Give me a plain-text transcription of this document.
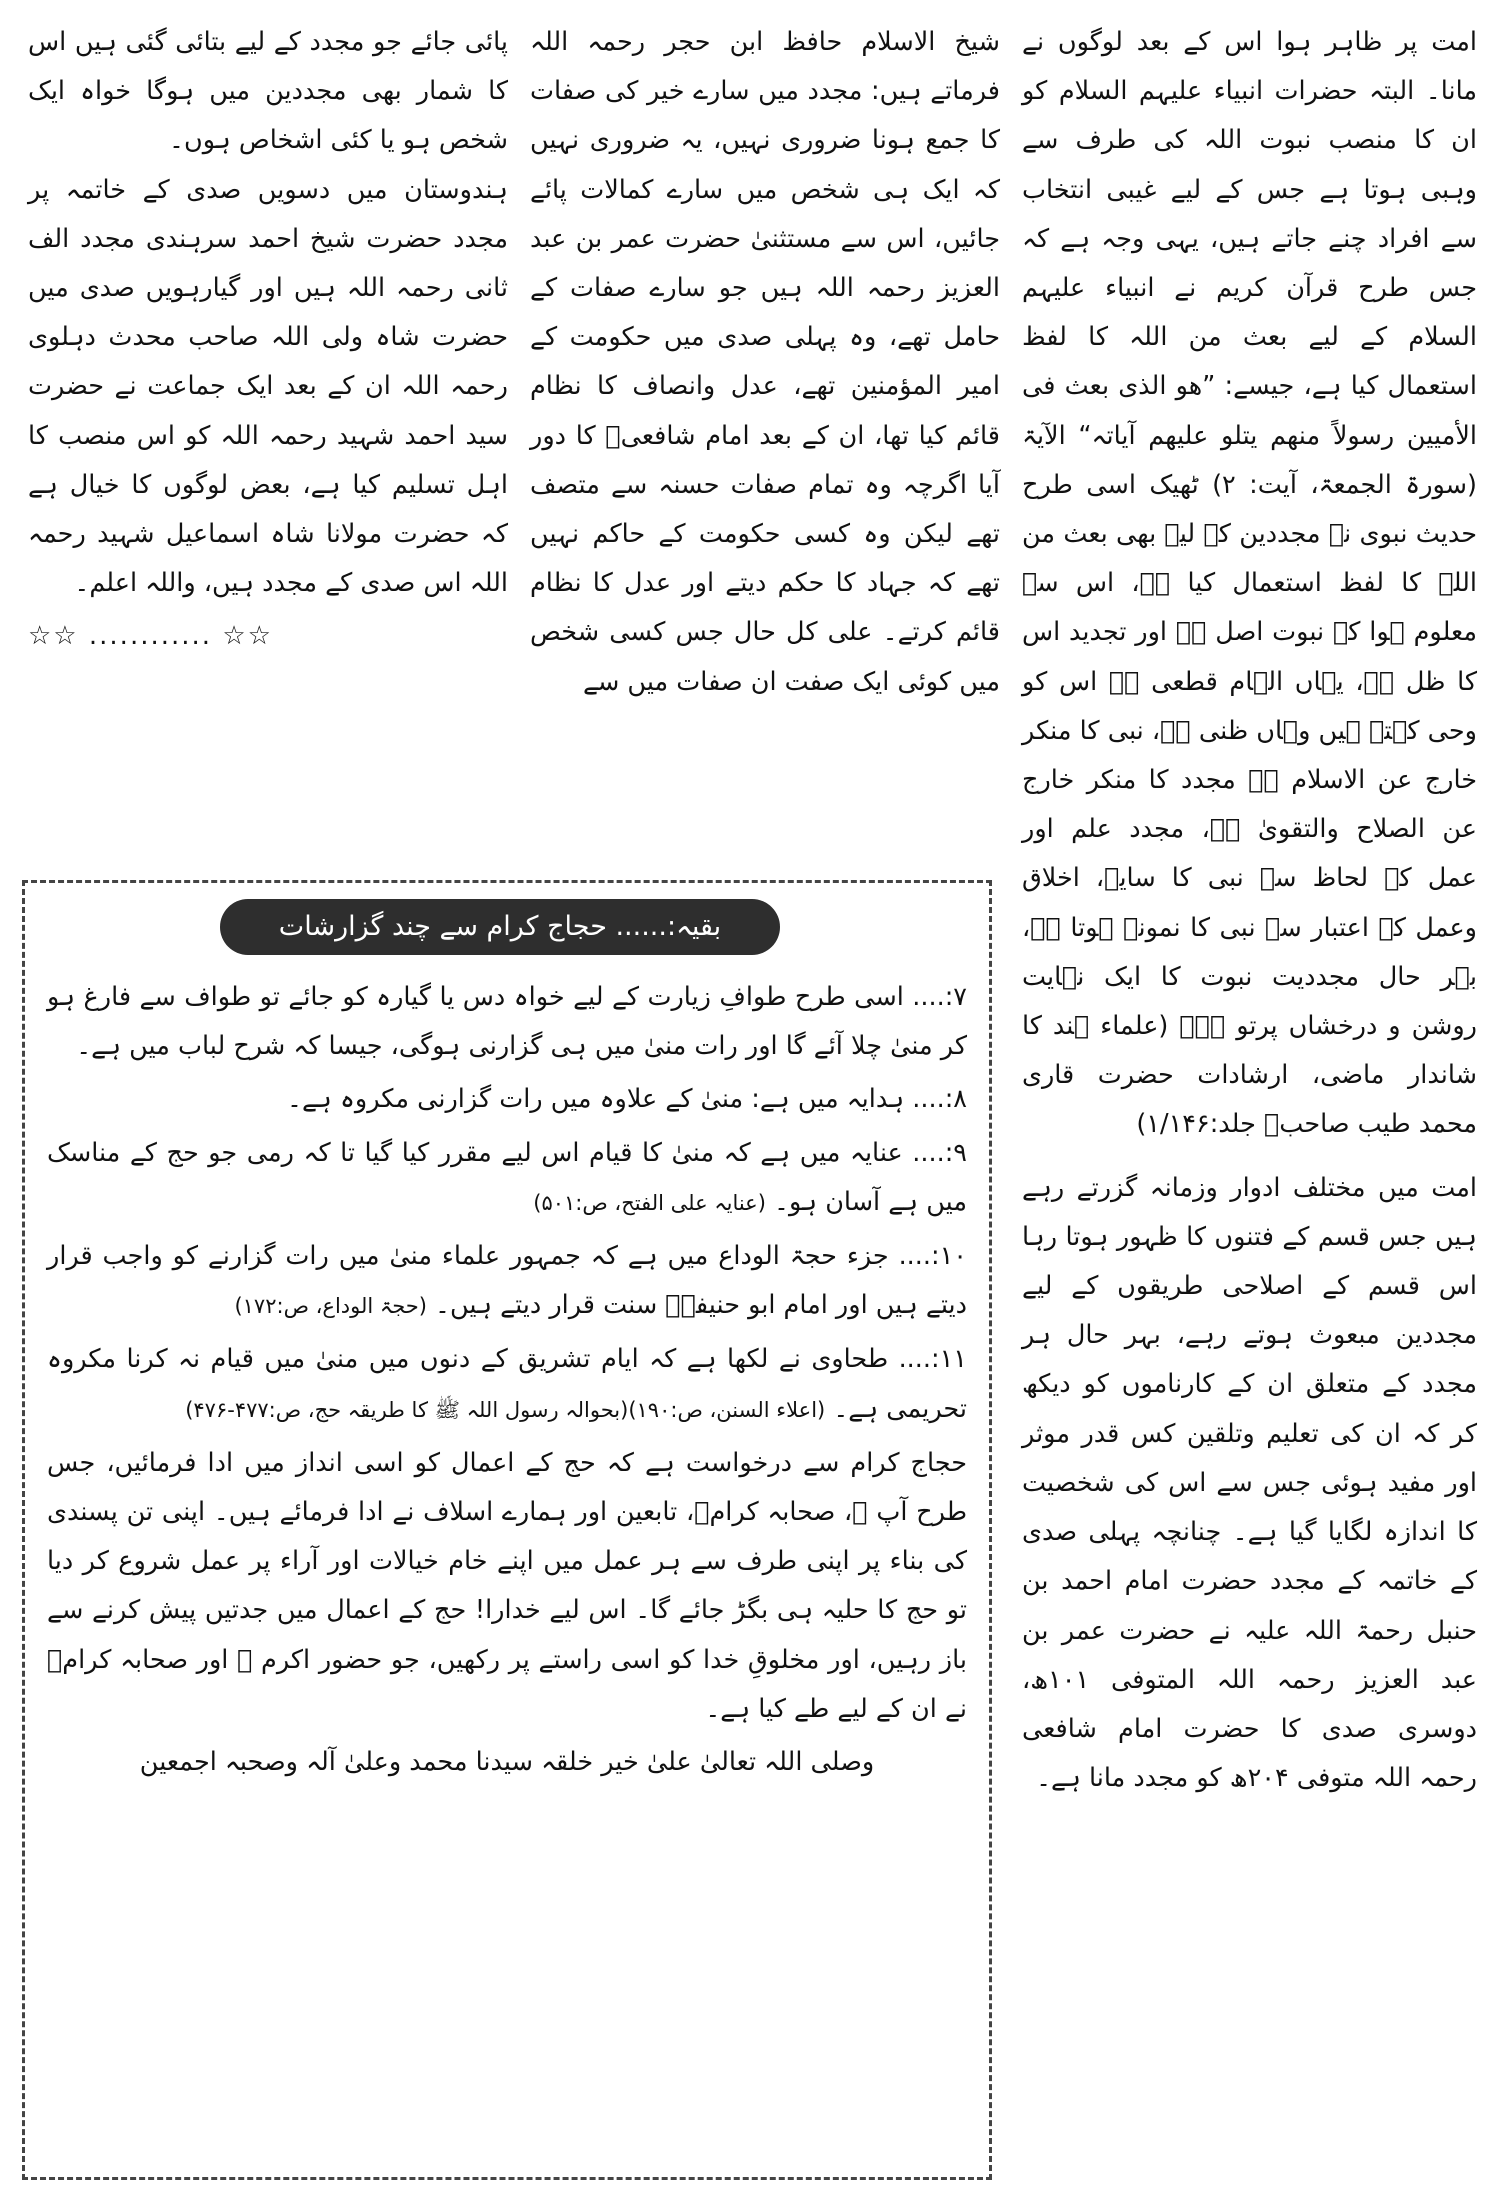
امت پر ظاہر ہوا اس کے بعد لوگوں نے مانا۔ البتہ حضرات انبیاء علیہم السلام کو ان کا منصب نبوت اللہ کی طرف سے وہبی ہوتا ہے جس کے لیے غیبی انتخاب سے افراد چنے جاتے ہیں، یہی وجہ ہے کہ جس طرح قرآن کریم نے انبیاء علیہم السلام کے لیے بعث من اللہ کا لفظ استعمال کیا ہے، جیسے: ”ھو الذی بعث فی الأمیین رسولاً منھم یتلو علیھم آیاتہ“ الآیۃ (سورۃ الجمعۃ، آیت: ۲) ٹھیک اسی طرح حدیث نبوی نے مجددین کے لیے بھی بعث من اللہ کا لفظ استعمال کیا ہے، اس سے معلوم ہوا کہ نبوت اصل ہے اور تجدید اس کا ظل ہے، یہاں الہام قطعی ہے اس کو وحی کہتے ہیں وہاں ظنی ہے، نبی کا منکر خارج عن الاسلام ہے مجدد کا منکر خارج عن الصلاح والتقویٰ ہے، مجدد علم اور عمل کے لحاظ سے نبی کا سایہ، اخلاق وعمل کے اعتبار سے نبی کا نمونہ ہوتا ہے، بہر حال مجددیت نبوت کا ایک نہایت روشن و درخشاں پرتو ہے۔ (علماء ہند کا شاندار ماضی، ارشادات حضرت قاری محمد طیب صاحبؒ جلد:۱/۱۴۶)

امت میں مختلف ادوار وزمانہ گزرتے رہے ہیں جس قسم کے فتنوں کا ظہور ہوتا رہا اس قسم کے اصلاحی طریقوں کے لیے مجددین مبعوث ہوتے رہے، بہر حال ہر مجدد کے متعلق ان کے کارناموں کو دیکھ کر کہ ان کی تعلیم وتلقین کس قدر موثر اور مفید ہوئی جس سے اس کی شخصیت کا اندازہ لگایا گیا ہے۔ چنانچہ پہلی صدی کے خاتمہ کے مجدد حضرت امام احمد بن حنبل رحمۃ اللہ علیہ نے حضرت عمر بن عبد العزیز رحمہ اللہ المتوفی ۱۰۱ھ، دوسری صدی کا حضرت امام شافعی رحمہ اللہ متوفی ۲۰۴ھ کو مجدد مانا ہے۔

شیخ الاسلام حافظ ابن حجر رحمہ اللہ فرماتے ہیں: مجدد میں سارے خیر کی صفات کا جمع ہونا ضروری نہیں، یہ ضروری نہیں کہ ایک ہی شخص میں سارے کمالات پائے جائیں، اس سے مستثنیٰ حضرت عمر بن عبد العزیز رحمہ اللہ ہیں جو سارے صفات کے حامل تھے، وہ پہلی صدی میں حکومت کے امیر المؤمنین تھے، عدل وانصاف کا نظام قائم کیا تھا، ان کے بعد امام شافعیؒ کا دور آیا اگرچہ وہ تمام صفات حسنہ سے متصف تھے لیکن وہ کسی حکومت کے حاکم نہیں تھے کہ جہاد کا حکم دیتے اور عدل کا نظام قائم کرتے۔ علی کل حال جس کسی شخص میں کوئی ایک صفت ان صفات میں سے

پائی جائے جو مجدد کے لیے بتائی گئی ہیں اس کا شمار بھی مجددین میں ہوگا خواہ ایک شخص ہو یا کئی اشخاص ہوں۔

ہندوستان میں دسویں صدی کے خاتمہ پر مجدد حضرت شیخ احمد سرہندی مجدد الف ثانی رحمہ اللہ ہیں اور گیارہویں صدی میں حضرت شاہ ولی اللہ صاحب محدث دہلوی رحمہ اللہ ان کے بعد ایک جماعت نے حضرت سید احمد شہید رحمہ اللہ کو اس منصب کا اہل تسلیم کیا ہے، بعض لوگوں کا خیال ہے کہ حضرت مولانا شاہ اسماعیل شہید رحمہ اللہ اس صدی کے مجدد ہیں، واللہ اعلم۔

☆☆ ............ ☆☆
بقیہ:...... حجاج کرام سے چند گزارشات

۷:.... اسی طرح طوافِ زیارت کے لیے خواہ دس یا گیارہ کو جائے تو طواف سے فارغ ہو کر منیٰ چلا آئے گا اور رات منیٰ میں ہی گزارنی ہوگی، جیسا کہ شرح لباب میں ہے۔

۸:.... ہدایہ میں ہے: منیٰ کے علاوہ میں رات گزارنی مکروہ ہے۔

۹:.... عنایہ میں ہے کہ منیٰ کا قیام اس لیے مقرر کیا گیا تا کہ رمی جو حج کے مناسک میں ہے آسان ہو۔ (عنایہ علی الفتح، ص:۵۰۱)

۱۰:.... جزء حجۃ الوداع میں ہے کہ جمہور علماء منیٰ میں رات گزارنے کو واجب قرار دیتے ہیں اور امام ابو حنیفہؒ سنت قرار دیتے ہیں۔ (حجۃ الوداع، ص:۱۷۲)

۱۱:.... طحاوی نے لکھا ہے کہ ایام تشریق کے دنوں میں منیٰ میں قیام نہ کرنا مکروہ تحریمی ہے۔ (اعلاء السنن، ص:۱۹۰)(بحوالہ رسول اللہ ﷺ کا طریقہ حج، ص:۴۷۷-۴۷۶)

حجاج کرام سے درخواست ہے کہ حج کے اعمال کو اسی انداز میں ادا فرمائیں، جس طرح آپ ﷺ، صحابہ کرامؓ، تابعین اور ہمارے اسلاف نے ادا فرمائے ہیں۔ اپنی تن پسندی کی بناء پر اپنی طرف سے ہر عمل میں اپنے خام خیالات اور آراء پر عمل شروع کر دیا تو حج کا حلیہ ہی بگڑ جائے گا۔ اس لیے خدارا! حج کے اعمال میں جدتیں پیش کرنے سے باز رہیں، اور مخلوقِ خدا کو اسی راستے پر رکھیں، جو حضور اکرم ﷺ اور صحابہ کرامؓ نے ان کے لیے طے کیا ہے۔

وصلی اللہ تعالیٰ علیٰ خیر خلقہ سیدنا محمد وعلیٰ آلہ وصحبہ اجمعین
